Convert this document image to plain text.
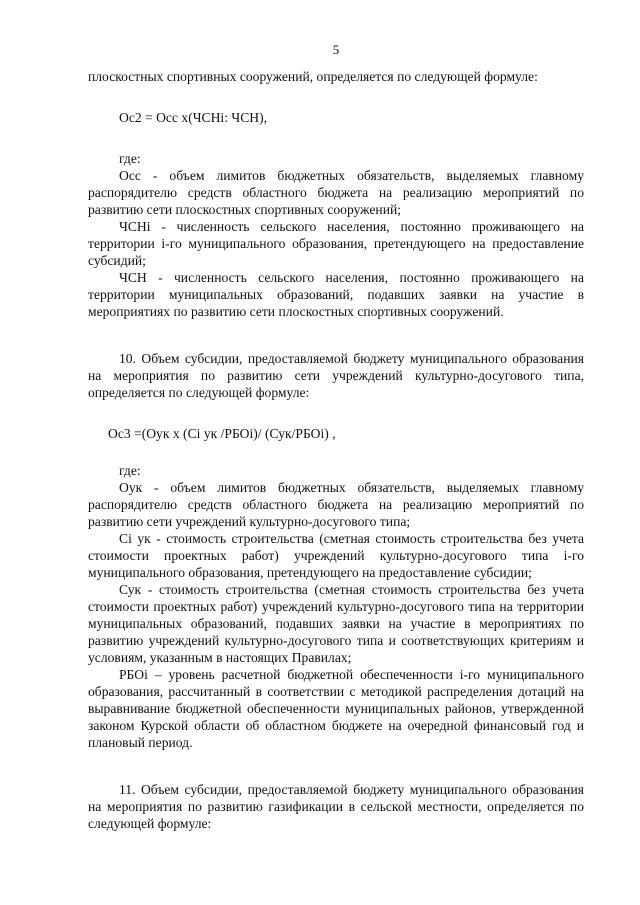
5

плоскостных спортивных сооружений, определяется по следующей формуле:

Ос2 = Осс х(ЧСНi: ЧСН),
где:

Осс - объем лимитов бюджетных обязательств, выделяемых главному распорядителю средств областного бюджета на реализацию мероприятий по развитию сети плоскостных спортивных сооружений;

ЧСНi - численность сельского населения, постоянно проживающего на территории i-го муниципального образования, претендующего на предоставление субсидий;

ЧСН - численность сельского населения, постоянно проживающего на территории муниципальных образований, подавших заявки на участие в мероприятиях по развитию сети плоскостных спортивных сооружений.

10. Объем субсидии, предоставляемой бюджету муниципального образования на мероприятия по развитию сети учреждений культурно-досугового типа, определяется по следующей формуле:

Ос3 =(Оук х (Сi ук /РБОi)/ (Сук/РБОi) ,
где:

Оук - объем лимитов бюджетных обязательств, выделяемых главному распорядителю средств областного бюджета на реализацию мероприятий по развитию сети учреждений культурно-досугового типа;

Сi ук - стоимость строительства (сметная стоимость строительства без учета стоимости проектных работ) учреждений культурно-досугового типа i-го муниципального образования, претендующего на предоставление субсидии;

Сук - стоимость строительства (сметная стоимость строительства без учета стоимости проектных работ) учреждений культурно-досугового типа на территории муниципальных образований, подавших заявки на участие в мероприятиях по развитию учреждений культурно-досугового типа и соответствующих критериям и условиям, указанным в настоящих Правилах;

РБОi – уровень расчетной бюджетной обеспеченности i-го муниципального образования, рассчитанный в соответствии с методикой распределения дотаций на выравнивание бюджетной обеспеченности муниципальных районов, утвержденной законом Курской области об областном бюджете на очередной финансовый год и плановый период.

11. Объем субсидии, предоставляемой бюджету муниципального образования на мероприятия по развитию газификации в сельской местности, определяется по следующей формуле:
